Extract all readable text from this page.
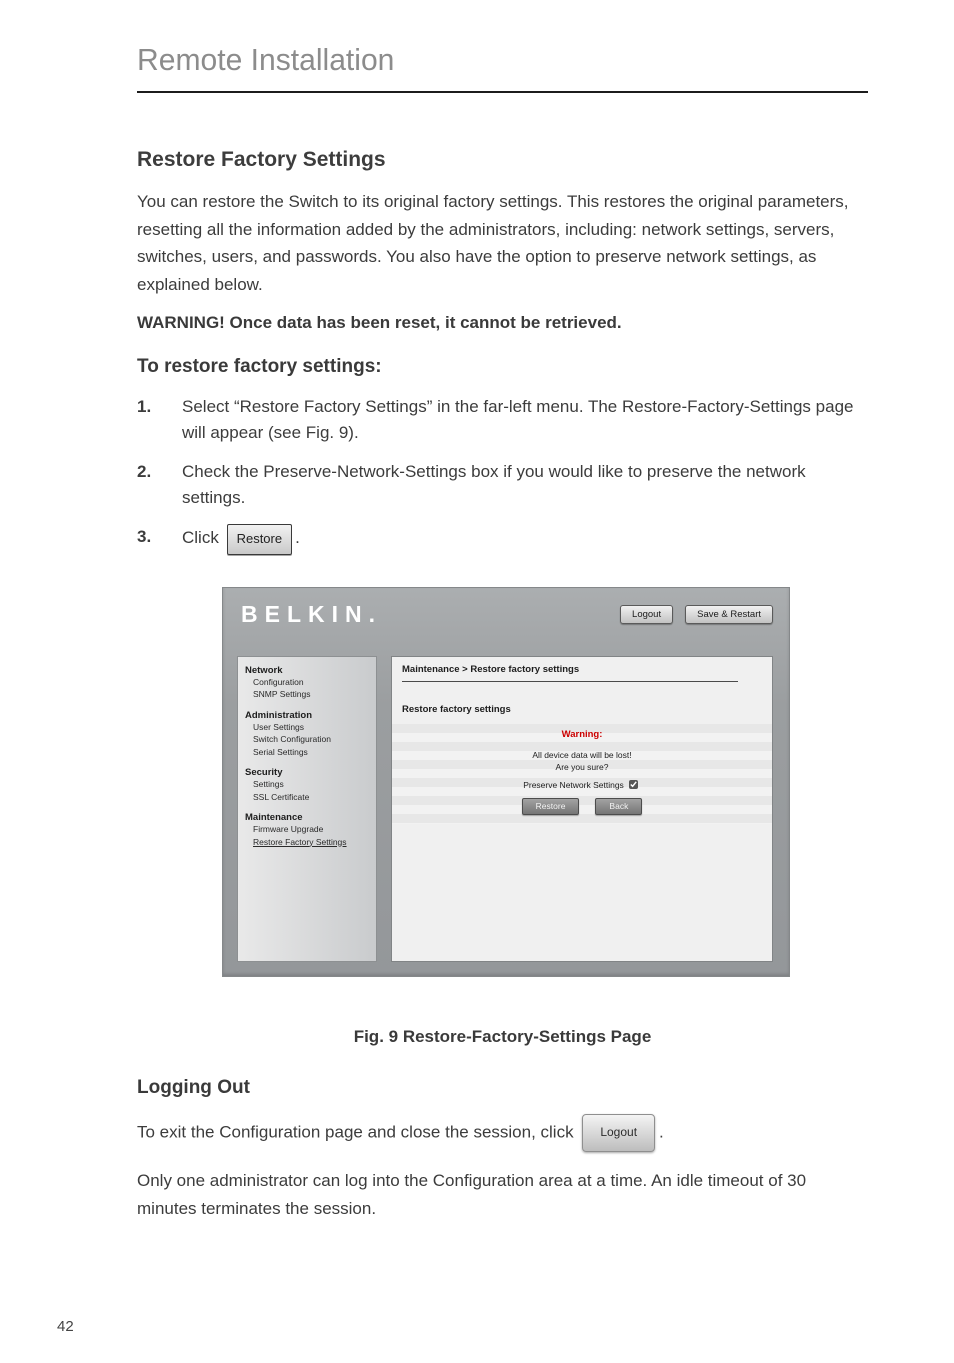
Remote Installation
Restore Factory Settings

You can restore the Switch to its original factory settings. This restores the original parameters, resetting all the information added by the administrators, including: network settings, servers, switches, users, and passwords. You also have the option to preserve network settings, as explained below.

WARNING! Once data has been reset, it cannot be retrieved.

To restore factory settings:
1.	Select “Restore Factory Settings” in the far-left menu. The Restore-Factory-Settings page will appear (see Fig. 9).
2.	Check the Preserve-Network-Settings box if you would like to preserve the network settings.
3.	Click Restore .
BELKIN.	Logout	Save & Restart
Network
Configuration
SNMP Settings
Administration
User Settings
Switch Configuration
Serial Settings
Security
Settings
SSL Certificate
Maintenance
Firmware Upgrade
Restore Factory Settings
Maintenance > Restore factory settings
Restore factory settings
Warning:
All device data will be lost!
Are you sure?
Preserve Network Settings
Restore	Back
Fig. 9 Restore-Factory-Settings Page
Logging Out

To exit the Configuration page and close the session, click Logout .

Only one administrator can log into the Configuration area at a time. An idle timeout of 30 minutes terminates the session.

42
